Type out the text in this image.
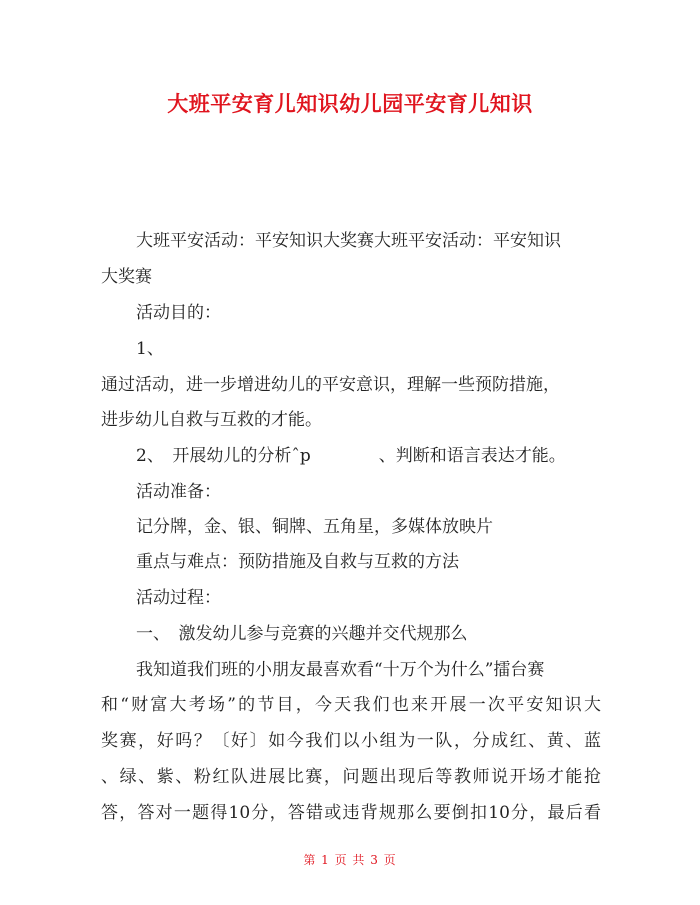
大班平安育儿知识幼儿园平安育儿知识
大班平安活动：平安知识大奖赛大班平安活动：平安知识
大奖赛
活动目的：
1、
通过活动，进一步增进幼儿的平安意识，理解一些预防措施，
进步幼儿自救与互救的才能。
2、　开展幼儿的分析ˆp　　　　、判断和语言表达才能。
活动准备：
记分牌，金、银、铜牌、五角星，多媒体放映片
重点与难点：预防措施及自救与互救的方法
活动过程：
一、　激发幼儿参与竞赛的兴趣并交代规那么
我知道我们班的小朋友最喜欢看“十万个为什么”擂台赛
和“财富大考场”的节目，今天我们也来开展一次平安知识大
奖赛，好吗？〔好〕如今我们以小组为一队，分成红、黄、蓝
、绿、紫、粉红队进展比赛，问题出现后等教师说开场才能抢
答，答对一题得10分，答错或违背规那么要倒扣10分，最后看
第 1 页 共 3 页
